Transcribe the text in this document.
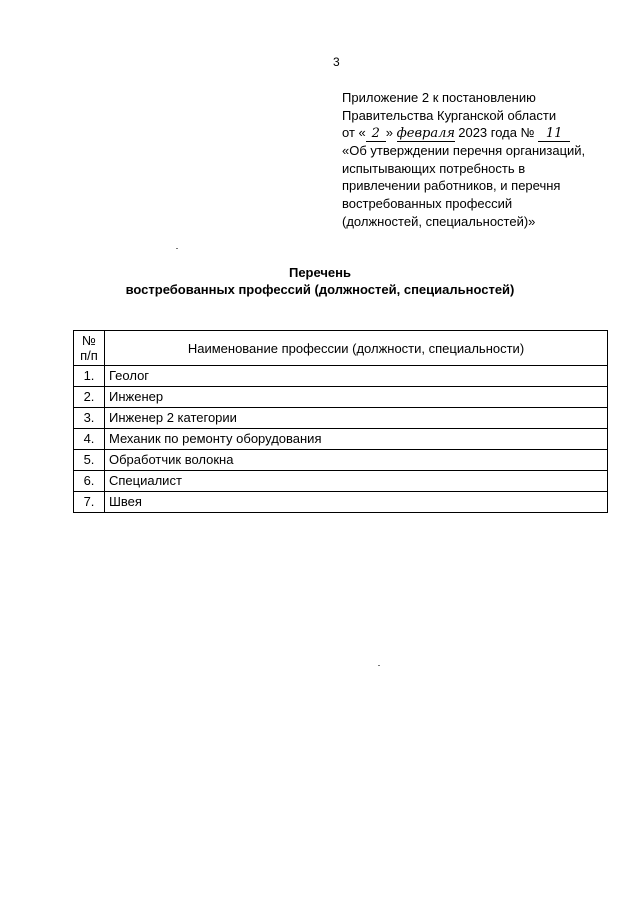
3
Приложение 2 к постановлению
Правительства Курганской области
от « 2 » февраля 2023 года № 11
«Об утверждении перечня организаций,
испытывающих потребность в
привлечении работников, и перечня
востребованных профессий
(должностей, специальностей)»
Перечень
востребованных профессий (должностей, специальностей)
№
п/п	Наименование профессии (должности, специальности)
1.	Геолог
2.	Инженер
3.	Инженер 2 категории
4.	Механик по ремонту оборудования
5.	Обработчик волокна
6.	Специалист
7.	Швея
